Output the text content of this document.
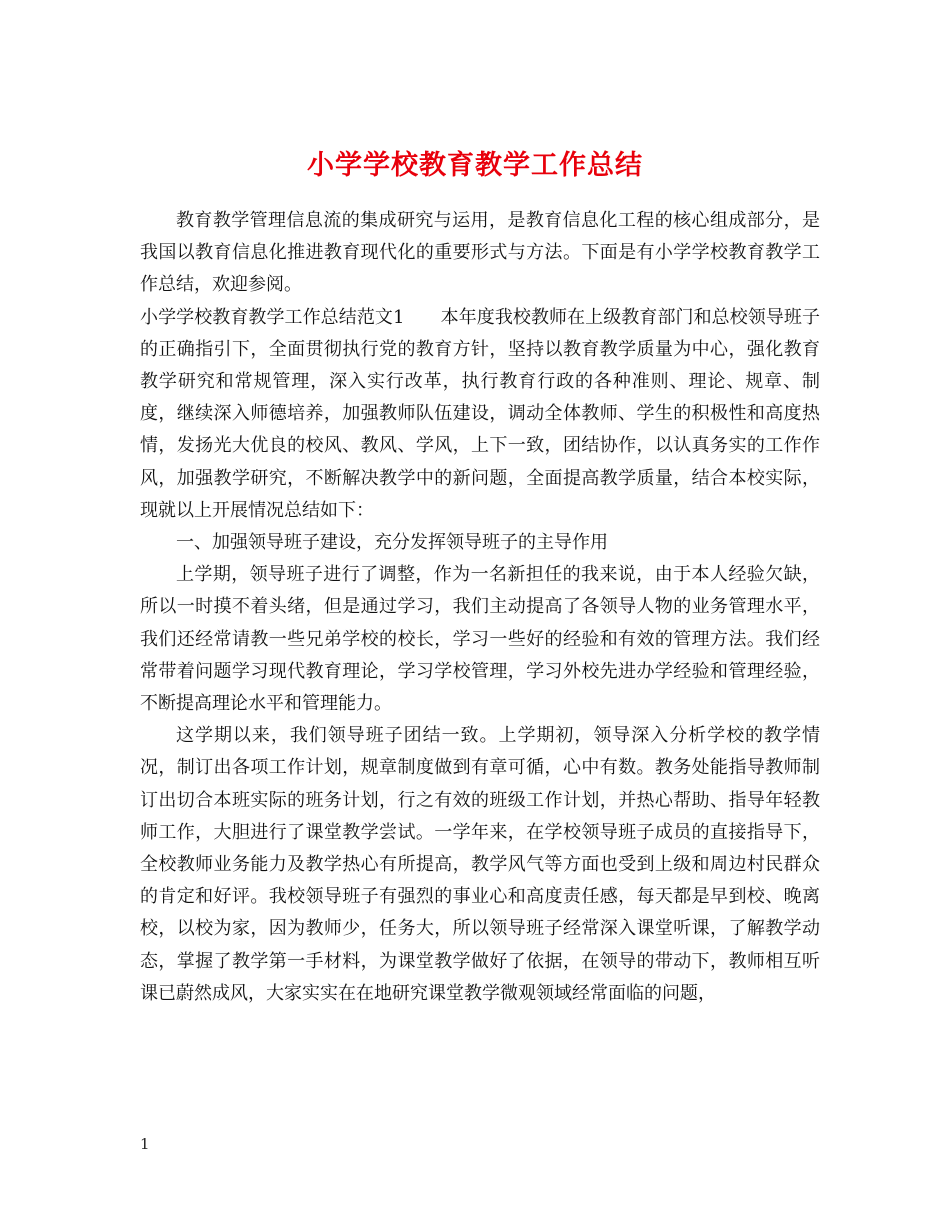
小学学校教育教学工作总结

教育教学管理信息流的集成研究与运用，是教育信息化工程的核心组成部分，是我国以教育信息化推进教育现代化的重要形式与方法。下面是有小学学校教育教学工作总结，欢迎参阅。

小学学校教育教学工作总结范文1　　本年度我校教师在上级教育部门和总校领导班子的正确指引下，全面贯彻执行党的教育方针，坚持以教育教学质量为中心，强化教育教学研究和常规管理，深入实行改革，执行教育行政的各种准则、理论、规章、制度，继续深入师德培养，加强教师队伍建设，调动全体教师、学生的积极性和高度热情，发扬光大优良的校风、教风、学风，上下一致，团结协作，以认真务实的工作作风，加强教学研究，不断解决教学中的新问题，全面提高教学质量，结合本校实际，现就以上开展情况总结如下：

一、加强领导班子建设，充分发挥领导班子的主导作用

上学期，领导班子进行了调整，作为一名新担任的我来说，由于本人经验欠缺，所以一时摸不着头绪，但是通过学习，我们主动提高了各领导人物的业务管理水平，我们还经常请教一些兄弟学校的校长，学习一些好的经验和有效的管理方法。我们经常带着问题学习现代教育理论，学习学校管理，学习外校先进办学经验和管理经验，不断提高理论水平和管理能力。

这学期以来，我们领导班子团结一致。上学期初，领导深入分析学校的教学情况，制订出各项工作计划，规章制度做到有章可循，心中有数。教务处能指导教师制订出切合本班实际的班务计划，行之有效的班级工作计划，并热心帮助、指导年轻教师工作，大胆进行了课堂教学尝试。一学年来，在学校领导班子成员的直接指导下，全校教师业务能力及教学热心有所提高，教学风气等方面也受到上级和周边村民群众的肯定和好评。我校领导班子有强烈的事业心和高度责任感，每天都是早到校、晚离校，以校为家，因为教师少，任务大，所以领导班子经常深入课堂听课，了解教学动态，掌握了教学第一手材料，为课堂教学做好了依据，在领导的带动下，教师相互听课已蔚然成风，大家实实在在地研究课堂教学微观领域经常面临的问题，

1
